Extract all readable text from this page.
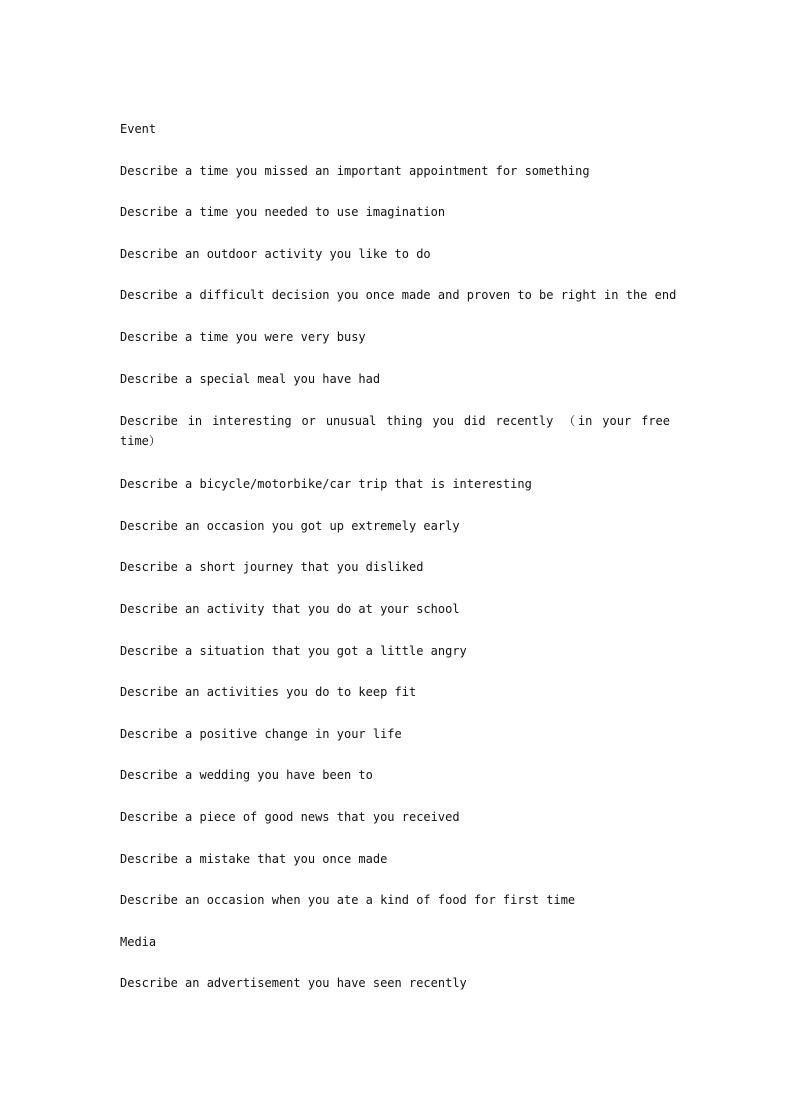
Event
Describe a time you missed an important appointment for something
Describe a time you needed to use imagination
Describe an outdoor activity you like to do
Describe a difficult decision you once made and proven to be right in the end
Describe a time you were very busy
Describe a special meal you have had
Describe in interesting or unusual thing you did recently （in your free time）
Describe a bicycle/motorbike/car trip that is interesting
Describe an occasion you got up extremely early
Describe a short journey that you disliked
Describe an activity that you do at your school
Describe a situation that you got a little angry
Describe an activities you do to keep fit
Describe a positive change in your life
Describe a wedding you have been to
Describe a piece of good news that you received
Describe a mistake that you once made
Describe an occasion when you ate a kind of food for first time
Media
Describe an advertisement you have seen recently
